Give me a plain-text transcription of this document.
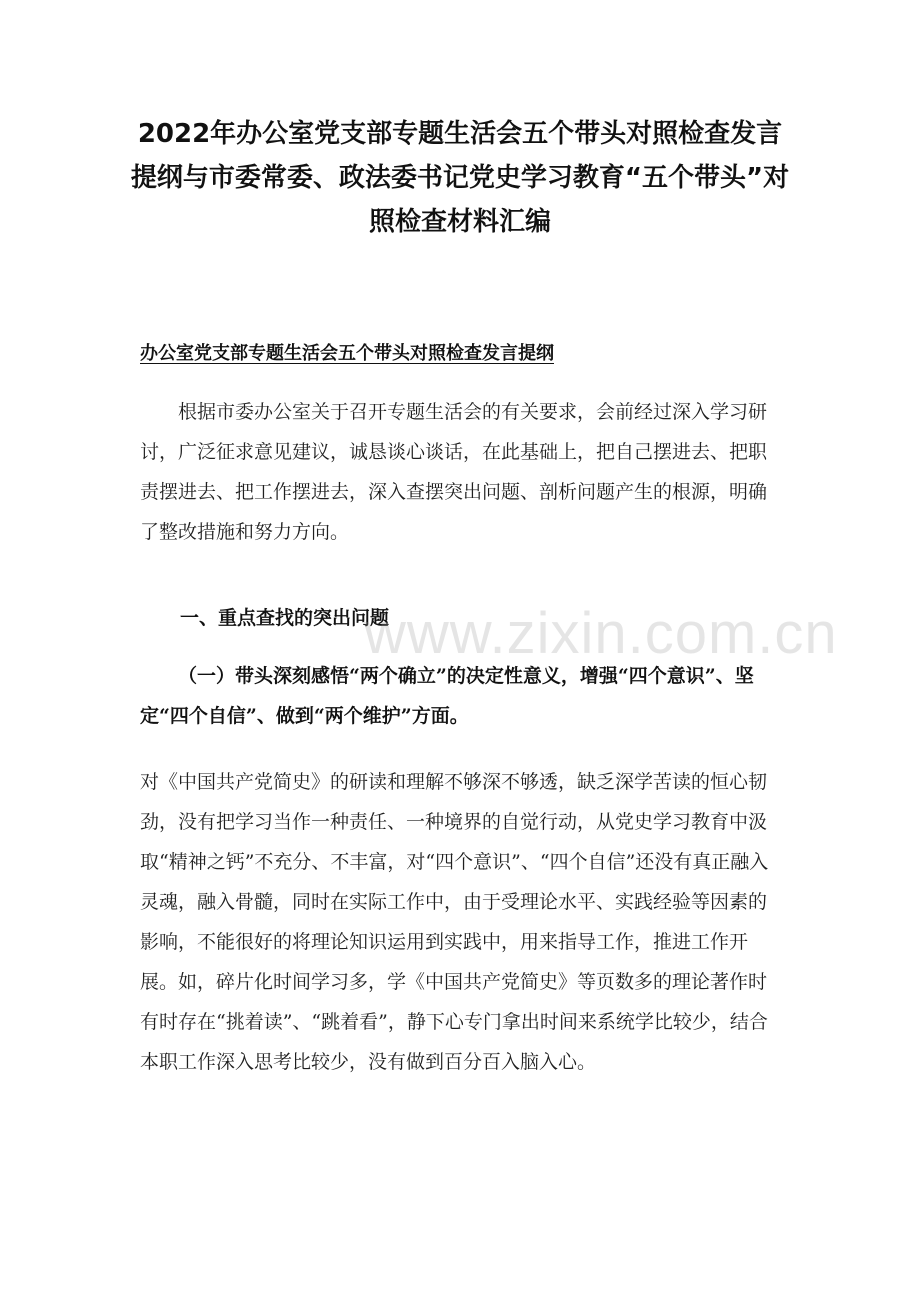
2022年办公室党支部专题生活会五个带头对照检查发言提纲与市委常委、政法委书记党史学习教育“五个带头”对照检查材料汇编
办公室党支部专题生活会五个带头对照检查发言提纲

根据市委办公室关于召开专题生活会的有关要求，会前经过深入学习研讨，广泛征求意见建议，诚恳谈心谈话，在此基础上，把自己摆进去、把职责摆进去、把工作摆进去，深入查摆突出问题、剖析问题产生的根源，明确了整改措施和努力方向。

一、重点查找的突出问题
（一）带头深刻感悟“两个确立”的决定性意义，增强“四个意识”、坚定“四个自信”、做到“两个维护”方面。

对《中国共产党简史》的研读和理解不够深不够透，缺乏深学苦读的恒心韧劲，没有把学习当作一种责任、一种境界的自觉行动，从党史学习教育中汲取“精神之钙”不充分、不丰富，对“四个意识”、“四个自信”还没有真正融入灵魂，融入骨髓，同时在实际工作中，由于受理论水平、实践经验等因素的影响，不能很好的将理论知识运用到实践中，用来指导工作，推进工作开展。如，碎片化时间学习多，学《中国共产党简史》等页数多的理论著作时有时存在“挑着读”、“跳着看”，静下心专门拿出时间来系统学比较少，结合本职工作深入思考比较少，没有做到百分百入脑入心。

www.zixin.com.cn
